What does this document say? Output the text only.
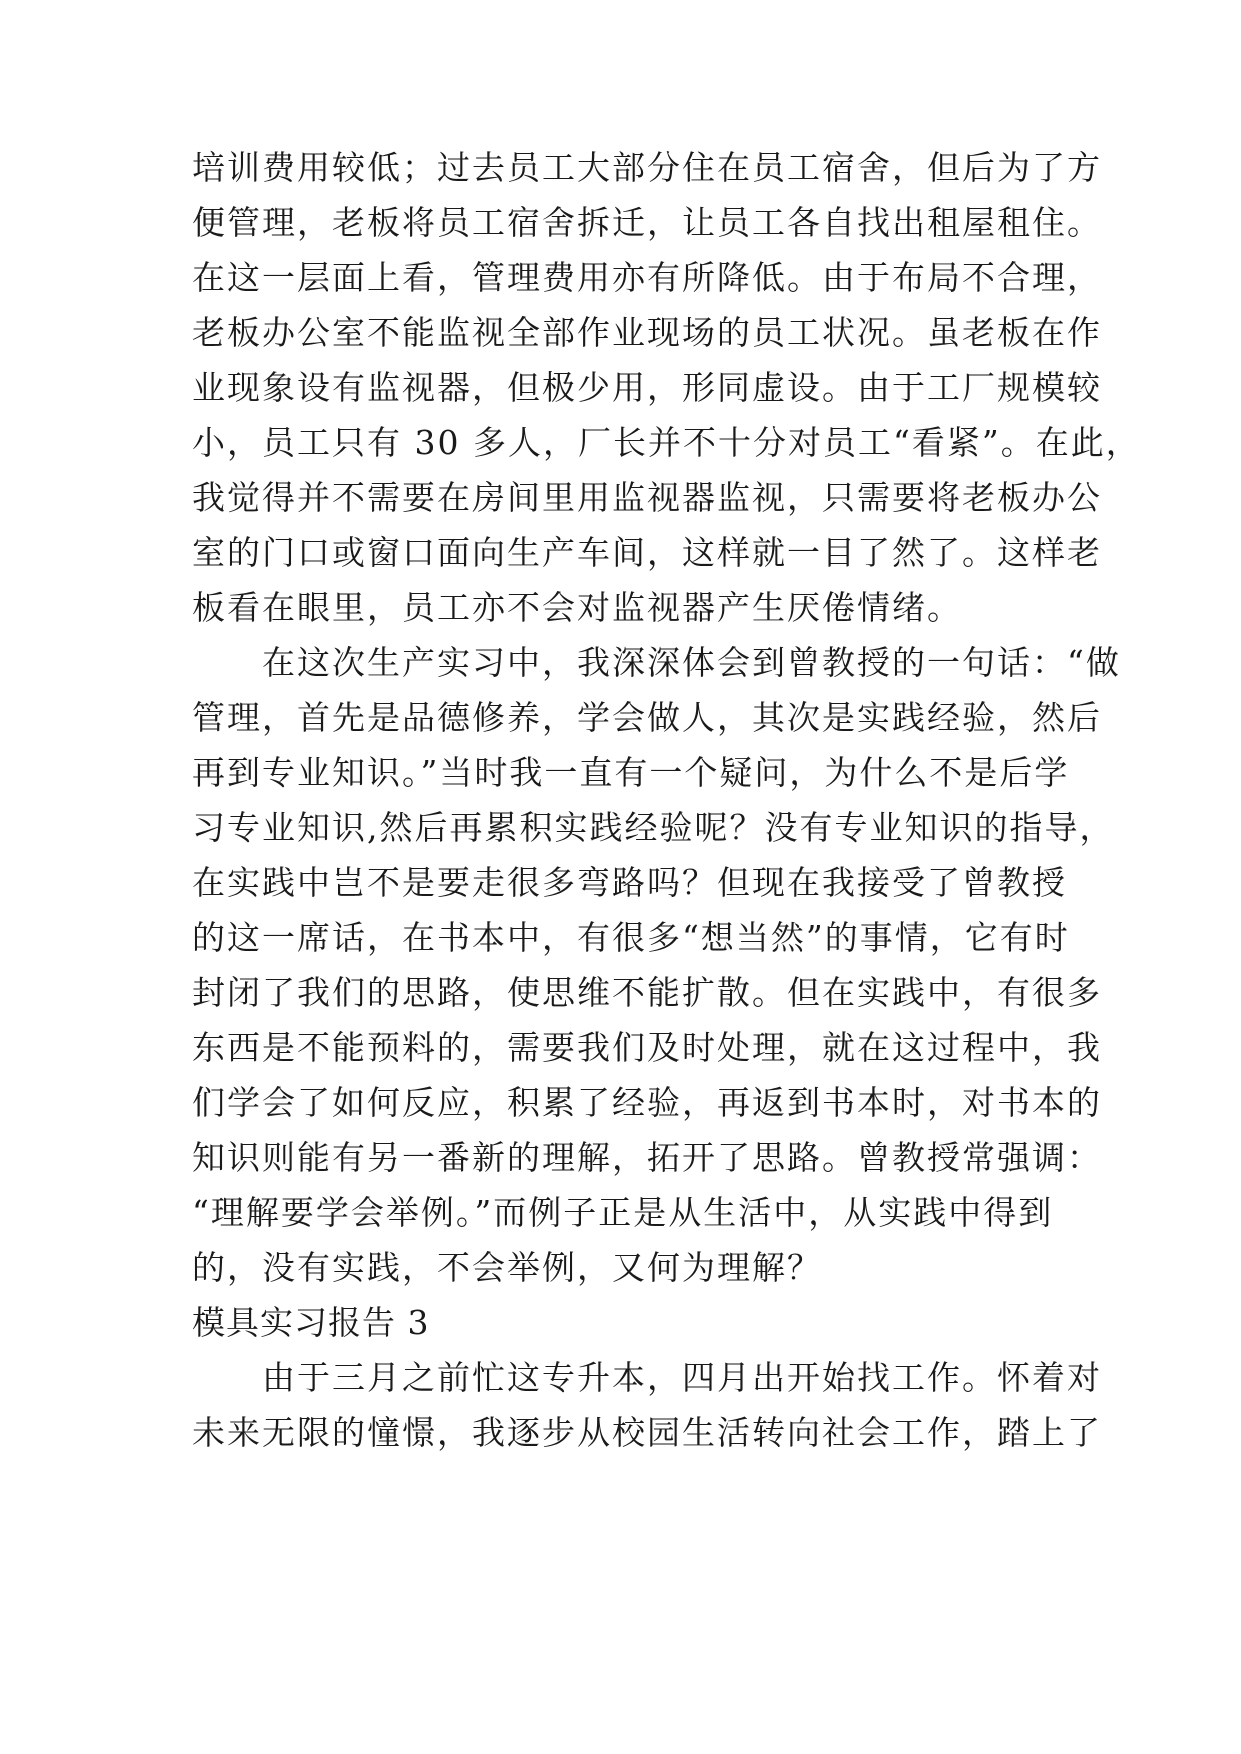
培训费用较低；过去员工大部分住在员工宿舍，但后为了方
便管理，老板将员工宿舍拆迁，让员工各自找出租屋租住。
在这一层面上看，管理费用亦有所降低。由于布局不合理，
老板办公室不能监视全部作业现场的员工状况。虽老板在作
业现象设有监视器，但极少用，形同虚设。由于工厂规模较
小，员工只有 30 多人，厂长并不十分对员工“看紧”。在此，
我觉得并不需要在房间里用监视器监视，只需要将老板办公
室的门口或窗口面向生产车间，这样就一目了然了。这样老
板看在眼里，员工亦不会对监视器产生厌倦情绪。
　　在这次生产实习中，我深深体会到曾教授的一句话：“做
管理，首先是品德修养，学会做人，其次是实践经验，然后
再到专业知识。”当时我一直有一个疑问，为什么不是后学
习专业知识,然后再累积实践经验呢？没有专业知识的指导，
在实践中岂不是要走很多弯路吗？但现在我接受了曾教授
的这一席话，在书本中，有很多“想当然”的事情，它有时
封闭了我们的思路，使思维不能扩散。但在实践中，有很多
东西是不能预料的，需要我们及时处理，就在这过程中，我
们学会了如何反应，积累了经验，再返到书本时，对书本的
知识则能有另一番新的理解，拓开了思路。曾教授常强调：
“理解要学会举例。”而例子正是从生活中，从实践中得到
的，没有实践，不会举例，又何为理解？
模具实习报告 3
　　由于三月之前忙这专升本，四月出开始找工作。怀着对
未来无限的憧憬，我逐步从校园生活转向社会工作，踏上了
